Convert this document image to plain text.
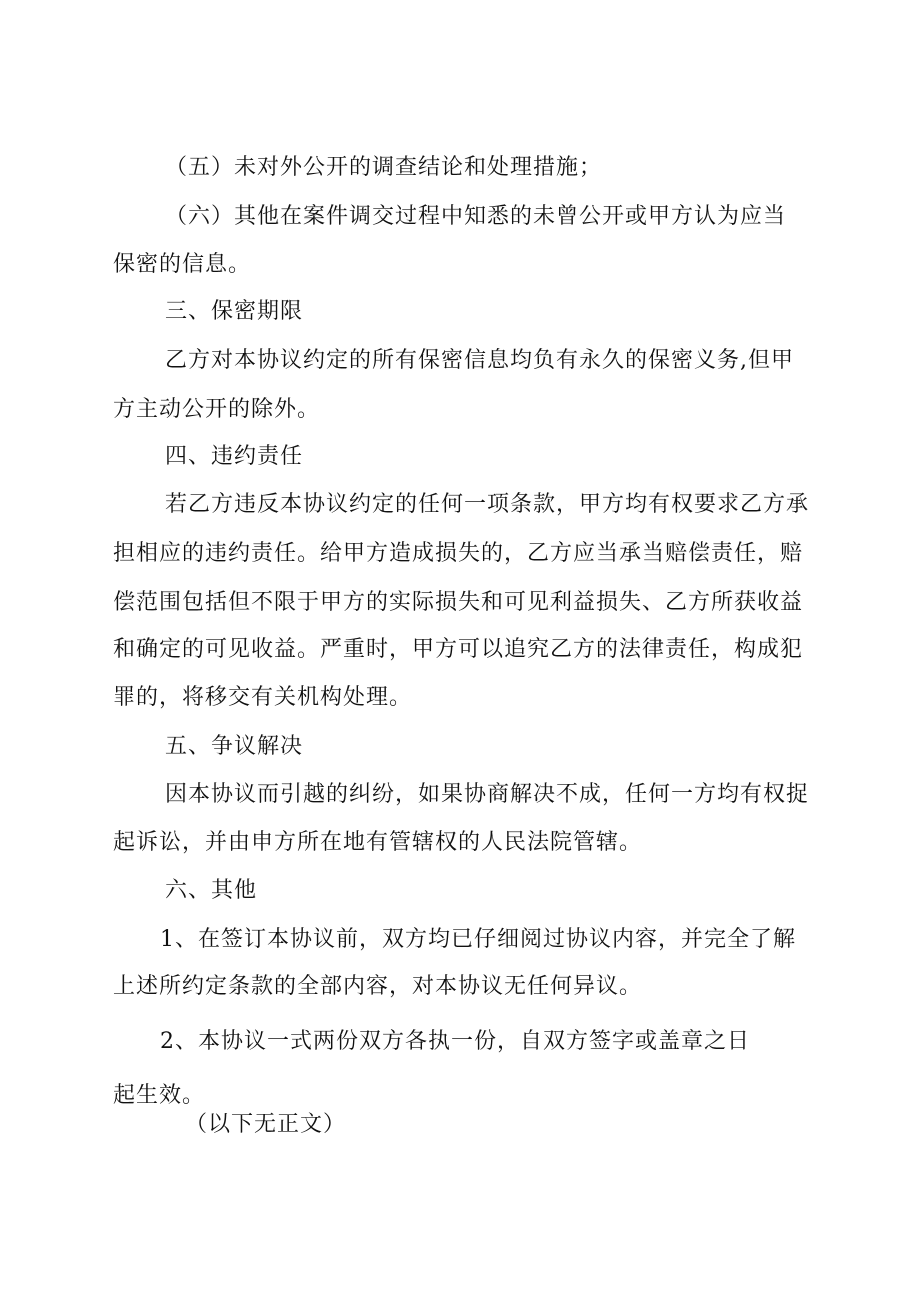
（五）未对外公开的调查结论和处理措施；
（六）其他在案件调交过程中知悉的未曾公开或甲方认为应当
保密的信息。
三、保密期限
乙方对本协议约定的所有保密信息均负有永久的保密义务,但甲
方主动公开的除外。
四、违约责任
若乙方违反本协议约定的任何一项条款，甲方均有权要求乙方承
担相应的违约责任。给甲方造成损失的，乙方应当承当赔偿责任，赔
偿范围包括但不限于甲方的实际损失和可见利益损失、乙方所获收益
和确定的可见收益。严重时，甲方可以追究乙方的法律责任，构成犯
罪的，将移交有关机构处理。
五、争议解决
因本协议而引越的纠纷，如果协商解决不成，任何一方均有权捉
起诉讼，并由申方所在地有管辖权的人民法院管辖。
六、其他
1、在签订本协议前，双方均已仔细阅过协议内容，并完全了解
上述所约定条款的全部内容，对本协议无任何异议。
2、本协议一式两份双方各执一份，自双方签字或盖章之日
起生效。
（以下无正文）
